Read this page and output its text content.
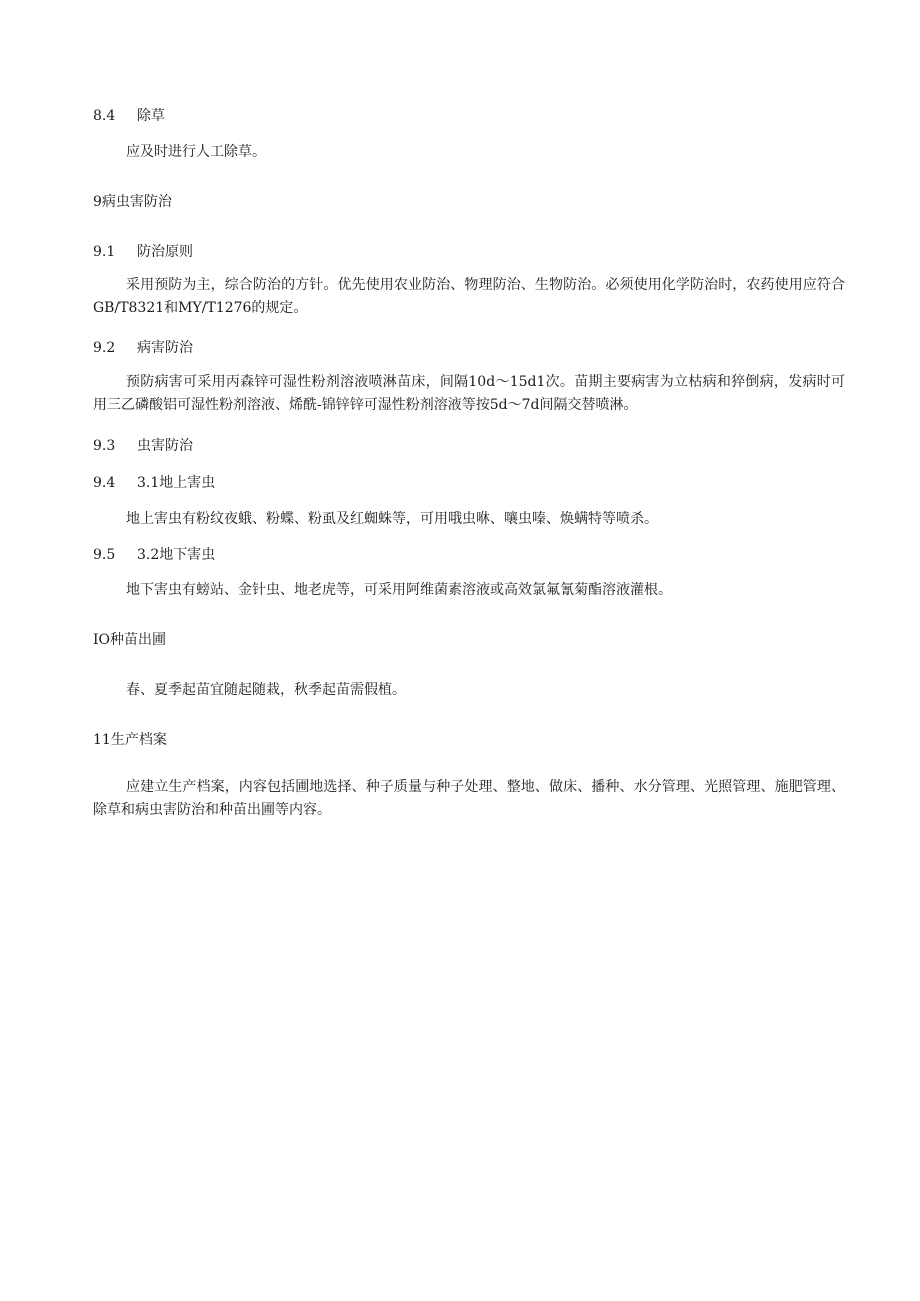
8.4 除草

应及时进行人工除草。

9病虫害防治
9.1 防治原则

采用预防为主，综合防治的方针。优先使用农业防治、物理防治、生物防治。必须使用化学防治时，农药使用应符合GB/T8321和MY/T1276的规定。

9.2 病害防治

预防病害可采用丙森锌可湿性粉剂溶液喷淋苗床，间隔10d～15d1次。苗期主要病害为立枯病和猝倒病，发病时可用三乙磷酸铝可湿性粉剂溶液、烯酰-锦锌锌可湿性粉剂溶液等按5d～7d间隔交替喷淋。

9.3 虫害防治
9.4 3.1地上害虫

地上害虫有粉纹夜蛾、粉蝶、粉虱及红蜘蛛等，可用哦虫咻、嚷虫嗪、焕螨特等喷杀。

9.5 3.2地下害虫

地下害虫有螃站、金针虫、地老虎等，可采用阿维菌素溶液或高效氯氟氰菊酯溶液灌根。

IO种苗出圃

春、夏季起苗宜随起随栽，秋季起苗需假植。

11生产档案

应建立生产档案，内容包括圃地选择、种子质量与种子处理、整地、做床、播种、水分管理、光照管理、施肥管理、除草和病虫害防治和种苗出圃等内容。
